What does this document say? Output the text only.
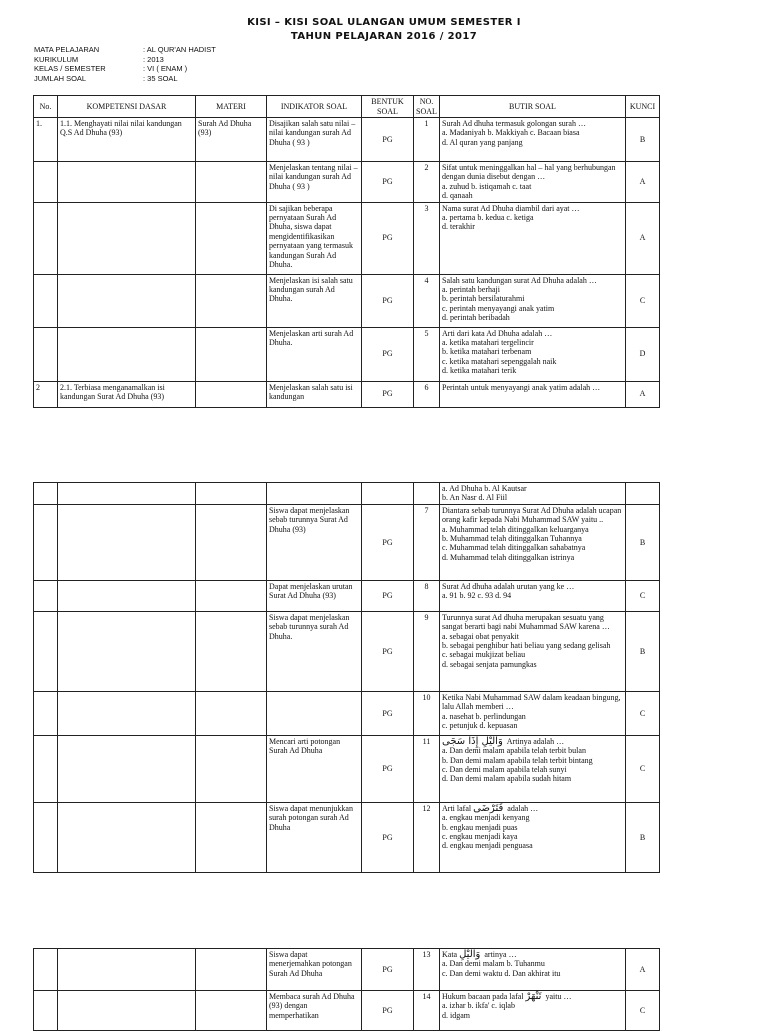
KISI – KISI SOAL ULANGAN UMUM SEMESTER I
TAHUN PELAJARAN 2016 / 2017
MATA PELAJARAN	: AL QUR'AN HADIST
KURIKULUM	: 2013
KELAS / SEMESTER	: VI ( ENAM )
JUMLAH SOAL	: 35 SOAL
No.	KOMPETENSI DASAR	MATERI	INDIKATOR SOAL	BENTUK SOAL	NO. SOAL	BUTIR SOAL	KUNCI
1.	1.1. Menghayati nilai nilai kandungan Q.S Ad Dhuha (93)	Surah Ad Dhuha (93)	Disajikan salah satu nilai – nilai kandungan surah Ad Dhuha ( 93 )	PG	1	Surah Ad dhuha termasuk golongan surah …
a. Madaniyah b. Makkiyah c. Bacaan biasa
d. Al quran yang panjang	B
			Menjelaskan tentang nilai – nilai kandungan surah Ad Dhuha ( 93 )	PG	2	Sifat untuk meninggalkan hal – hal yang berhubungan dengan dunia disebut dengan …
a. zuhud b. istiqamah c. taat
d. qanaah	A
			Di sajikan beberapa pernyataan Surah Ad Dhuha, siswa dapat mengidentifikasikan pernyataan yang termasuk kandungan Surah Ad Dhuha.	PG	3	Nama surat Ad Dhuha diambil dari ayat …
a. pertama b. kedua c. ketiga
d. terakhir	A
			Menjelaskan isi salah satu kandungan surah Ad Dhuha.	PG	4	Salah satu kandungan surat Ad Dhuha adalah …
a. perintah berhaji
b. perintah bersilaturahmi
c. perintah menyayangi anak yatim
d. perintah beribadah	C
			Menjelaskan arti surah Ad Dhuha.	PG	5	Arti dari kata Ad Dhuha adalah …
a. ketika matahari tergelincir
b. ketika matahari terbenam
c. ketika matahari sepenggalah naik
d. ketika matahari terik	D
2	2.1. Terbiasa menganamalkan isi kandungan Surat Ad Dhuha (93)		Menjelaskan salah satu isi kandungan	PG	6	Perintah untuk menyayangi anak yatim adalah …	A

						a. Ad Dhuha b. Al Kautsar
b. An Nasr d. Al Fiil	

			Siswa dapat menjelaskan sebab turunnya Surat Ad Dhuha (93)	PG	7	Diantara sebab turunnya Surat Ad Dhuha adalah ucapan orang kafir kepada Nabi Muhammad SAW yaitu ..
a. Muhammad telah ditinggalkan keluarganya
b. Muhammad telah ditinggalkan Tuhannya
c. Muhammad telah ditinggalkan sahabatnya
d. Muhammad telah ditinggalkan istrinya	B
			Dapat menjelaskan urutan Surat Ad Dhuha (93)	PG	8	Surat Ad dhuha adalah urutan yang ke …
a. 91 b. 92 c. 93 d. 94	C
			Siswa dapat menjelaskan sebab turunnya surah Ad Dhuha.	PG	9	Turunnya surat Ad dhuha merupakan sesuatu yang sangat berarti bagi nabi Muhammad SAW karena …
a. sebagai obat penyakit
b. sebagai penghibur hati beliau yang sedang gelisah
c. sebagai mukjizat beliau
d. sebagai senjata pamungkas	B
				PG	10	Ketika Nabi Muhammad SAW dalam keadaan bingung, lalu Allah memberi …
a. nasehat b. perlindungan
c. petunjuk d. kepuasan	C
			Mencari arti potongan Surah Ad Dhuha	PG	11	وَالَّيْلِ إِذَا سَجَى Artinya adalah …
a. Dan demi malam apabila telah terbit bulan
b. Dan demi malam apabila telah terbit bintang
c. Dan demi malam apabila telah sunyi
d. Dan demi malam apabila sudah hitam	C
			Siswa dapat menunjukkan surah potongan surah Ad Dhuha	PG	12	Arti lafal فَتَرْضَى adalah …
a. engkau menjadi kenyang
b. engkau menjadi puas
c. engkau menjadi kaya
d. engkau menjadi penguasa	B
			Siswa dapat menerjemahkan potongan Surah Ad Dhuha	PG	13	Kata وَالَّيْلِ artinya …
a. Dan demi malam b. Tuhanmu
c. Dan demi waktu d. Dan akhirat itu	A
			Membaca surah Ad Dhuha (93) dengan memperhatikan	PG	14	Hukum bacaan pada lafal تَنْهَرْ yaitu …
a. izhar b. ikfa' c. iqlab
d. idgam	C
